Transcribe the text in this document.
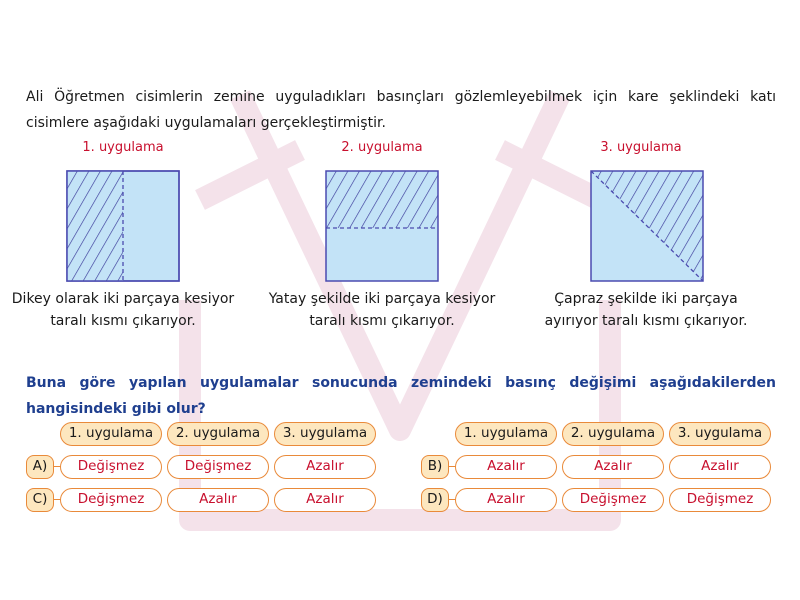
Ali Öğretmen cisimlerin zemine uyguladıkları basınçları gözlemleyebilmek için kare şeklindeki katı cisimlere aşağıdaki uygulamaları gerçekleştirmiştir.
1. uygulama	2. uygulama	3. uygulama
Dikey olarak iki parçaya kesiyor taralı kısmı çıkarıyor.
Yatay şekilde iki parçaya kesiyor taralı kısmı çıkarıyor.
Çapraz şekilde iki parçaya ayırıyor taralı kısmı çıkarıyor.
Buna göre yapılan uygulamalar sonucunda zemindeki basınç değişimi aşağıdakilerden hangisindeki gibi olur?
1. uygulama	2. uygulama	3. uygulama	1. uygulama	2. uygulama	3. uygulama
A)	Değişmez	Değişmez	Azalır	B)	Azalır	Azalır	Azalır
C)	Değişmez	Azalır	Azalır	D)	Azalır	Değişmez	Değişmez
